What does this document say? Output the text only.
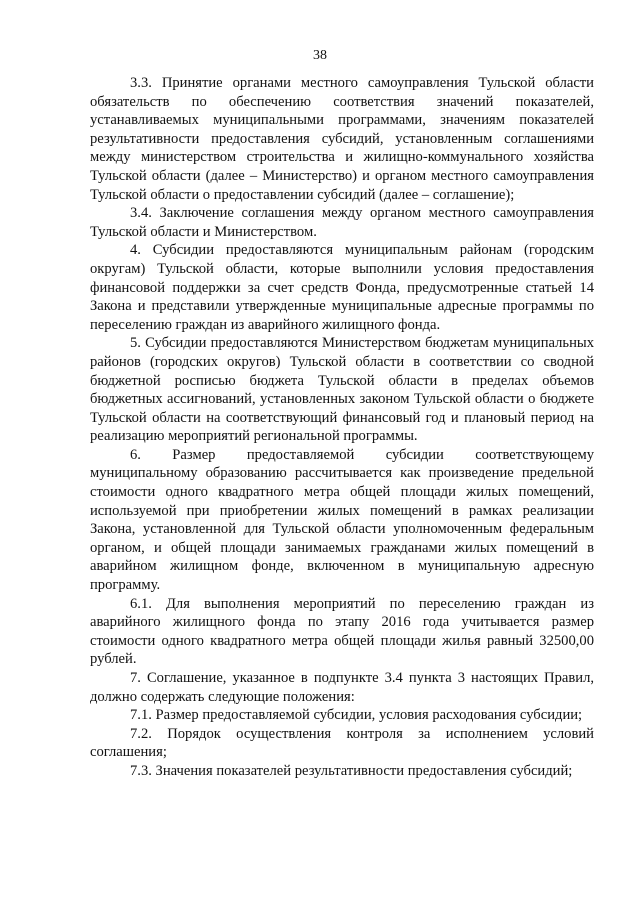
38

3.3. Принятие органами местного самоуправления Тульской области обязательств по обеспечению соответствия значений показателей, устанавливаемых муниципальными программами, значениям показателей результативности предоставления субсидий, установленным соглашениями между министерством строительства и жилищно-коммунального хозяйства Тульской области (далее – Министерство) и органом местного самоуправления Тульской области о предоставлении субсидий (далее – соглашение);

3.4. Заключение соглашения между органом местного самоуправления Тульской области и Министерством.

4. Субсидии предоставляются муниципальным районам (городским округам) Тульской области, которые выполнили условия предоставления финансовой поддержки за счет средств Фонда, предусмотренные статьей 14 Закона и представили утвержденные муниципальные адресные программы по переселению граждан из аварийного жилищного фонда.

5. Субсидии предоставляются Министерством бюджетам муниципальных районов (городских округов) Тульской области в соответствии со сводной бюджетной росписью бюджета Тульской области в пределах объемов бюджетных ассигнований, установленных законом Тульской области о бюджете Тульской области на соответствующий финансовый год и плановый период на реализацию мероприятий региональной программы.

6. Размер предоставляемой субсидии соответствующему муниципальному образованию рассчитывается как произведение предельной стоимости одного квадратного метра общей площади жилых помещений, используемой при приобретении жилых помещений в рамках реализации Закона, установленной для Тульской области уполномоченным федеральным органом, и общей площади занимаемых гражданами жилых помещений в аварийном жилищном фонде, включенном в муниципальную адресную программу.

6.1. Для выполнения мероприятий по переселению граждан из аварийного жилищного фонда по этапу 2016 года учитывается размер стоимости одного квадратного метра общей площади жилья равный 32500,00 рублей.

7. Соглашение, указанное в подпункте 3.4 пункта 3 настоящих Правил, должно содержать следующие положения:

7.1. Размер предоставляемой субсидии, условия расходования субсидии;

7.2. Порядок осуществления контроля за исполнением условий соглашения;

7.3. Значения показателей результативности предоставления субсидий;
